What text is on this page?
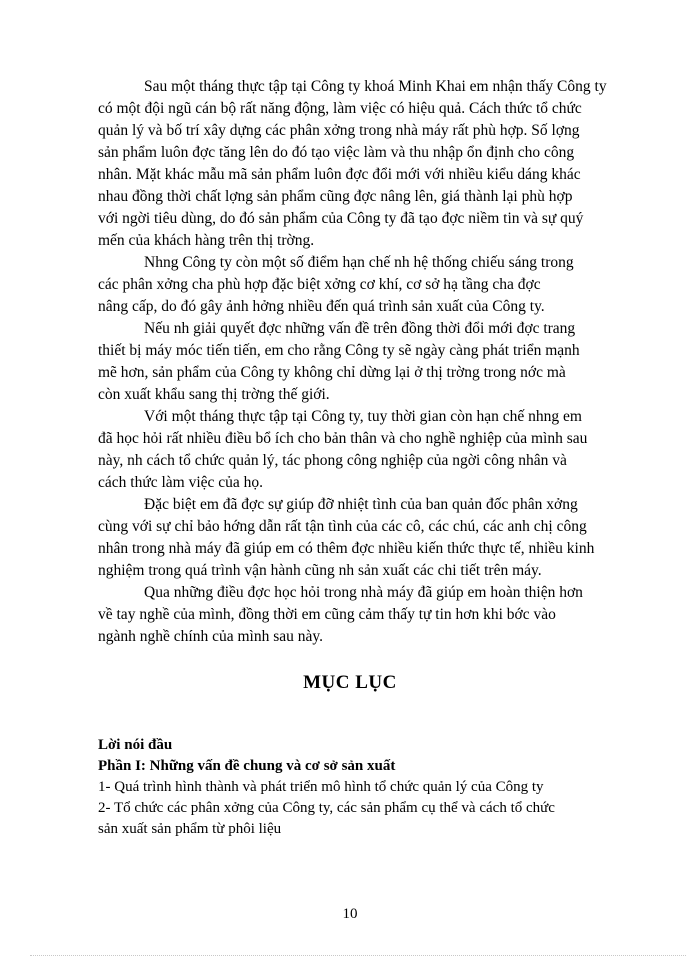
Sau một tháng thực tập tại Công ty khoá Minh Khai em nhận thấy Công ty
có một đội ngũ cán bộ rất năng động, làm việc có hiệu quả. Cách thức tổ chức
quản lý và bố trí xây dựng các phân xởng trong nhà máy rất phù hợp. Số lợng
sản phẩm luôn đợc tăng lên do đó tạo việc làm và thu nhập ổn định cho công
nhân. Mặt khác mẫu mã sản phẩm luôn đợc đổi mới với nhiều kiểu dáng khác
nhau đồng thời chất lợng sản phẩm cũng đợc nâng lên, giá thành lại phù hợp
với ngời tiêu dùng, do đó sản phẩm của Công ty đã tạo đợc niềm tin và sự quý
mến của khách hàng trên thị trờng.

Nhng Công ty còn một số điểm hạn chế nh hệ thống chiếu sáng trong
các phân xởng cha phù hợp đặc biệt xởng cơ khí, cơ sở hạ tầng cha đợc
nâng cấp, do đó gây ảnh hởng nhiều đến quá trình sản xuất của Công ty.

Nếu nh giải quyết đợc những vấn đề trên đồng thời đổi mới đợc trang
thiết bị máy móc tiến tiến, em cho rằng Công ty sẽ ngày càng phát triển mạnh
mẽ hơn, sản phẩm của Công ty không chỉ dừng lại ở thị trờng trong nớc mà
còn xuất khẩu sang thị trờng thế giới.

Với một tháng thực tập tại Công ty, tuy thời gian còn hạn chế nhng em
đã học hỏi rất nhiều điều bổ ích cho bản thân và cho nghề nghiệp của mình sau
này, nh cách tổ chức quản lý, tác phong công nghiệp của ngời công nhân và
cách thức làm việc của họ.

Đặc biệt em đã đợc sự giúp đỡ nhiệt tình của ban quản đốc phân xởng
cùng với sự chỉ bảo hớng dẫn rất tận tình của các cô, các chú, các anh chị công
nhân trong nhà máy đã giúp em có thêm đợc nhiều kiến thức thực tế, nhiều kinh
nghiệm trong quá trình vận hành cũng nh sản xuất các chi tiết trên máy.

Qua những điều đợc học hỏi trong nhà máy đã giúp em hoàn thiện hơn
về tay nghề của mình, đồng thời em cũng cảm thấy tự tin hơn khi bớc vào
ngành nghề chính của mình sau này.

MỤC LỤC
Lời nói đầu
Phần I: Những vấn đề chung và cơ sở sản xuất
1- Quá trình hình thành và phát triển mô hình tổ chức quản lý của Công ty
2- Tổ chức các phân xởng của Công ty, các sản phẩm cụ thể và cách tổ chức
sản xuất sản phẩm từ phôi liệu
10
